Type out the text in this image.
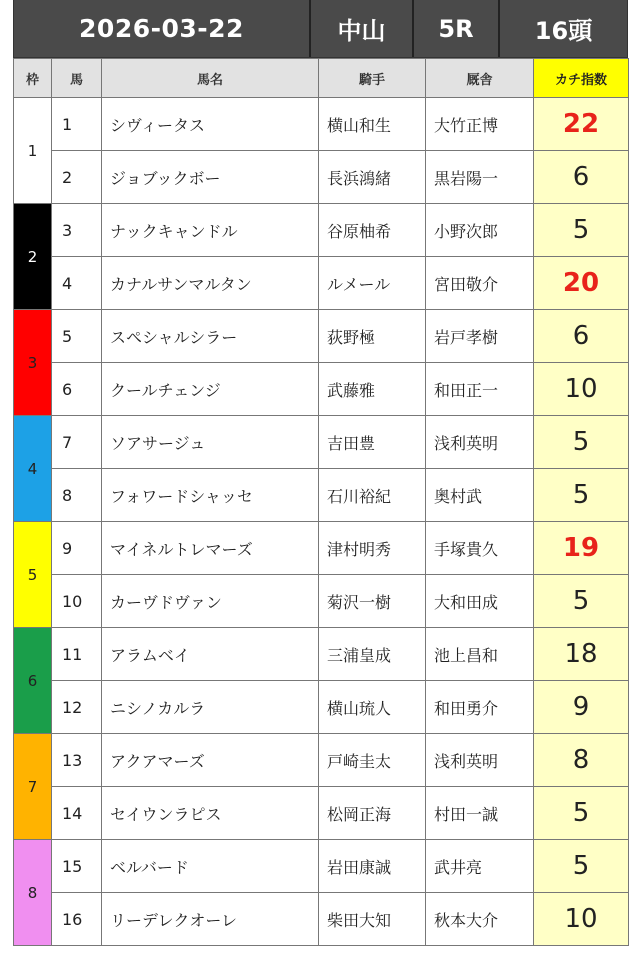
2026-03-22	中山	5R	16頭
枠	馬	馬名	騎手	厩舎	カチ指数
1	1	シヴィータス	横山和生	大竹正博	22
	2	ジョブックボー	長浜鴻緒	黒岩陽一	6
2	3	ナックキャンドル	谷原柚希	小野次郎	5
	4	カナルサンマルタン	ルメール	宮田敬介	20
3	5	スペシャルシラー	荻野極	岩戸孝樹	6
	6	クールチェンジ	武藤雅	和田正一	10
4	7	ソアサージュ	吉田豊	浅利英明	5
	8	フォワードシャッセ	石川裕紀	奥村武	5
5	9	マイネルトレマーズ	津村明秀	手塚貴久	19
	10	カーヴドヴァン	菊沢一樹	大和田成	5
6	11	アラムベイ	三浦皇成	池上昌和	18
	12	ニシノカルラ	横山琉人	和田勇介	9
7	13	アクアマーズ	戸崎圭太	浅利英明	8
	14	セイウンラピス	松岡正海	村田一誠	5
8	15	ベルバード	岩田康誠	武井亮	5
	16	リーデレクオーレ	柴田大知	秋本大介	10
